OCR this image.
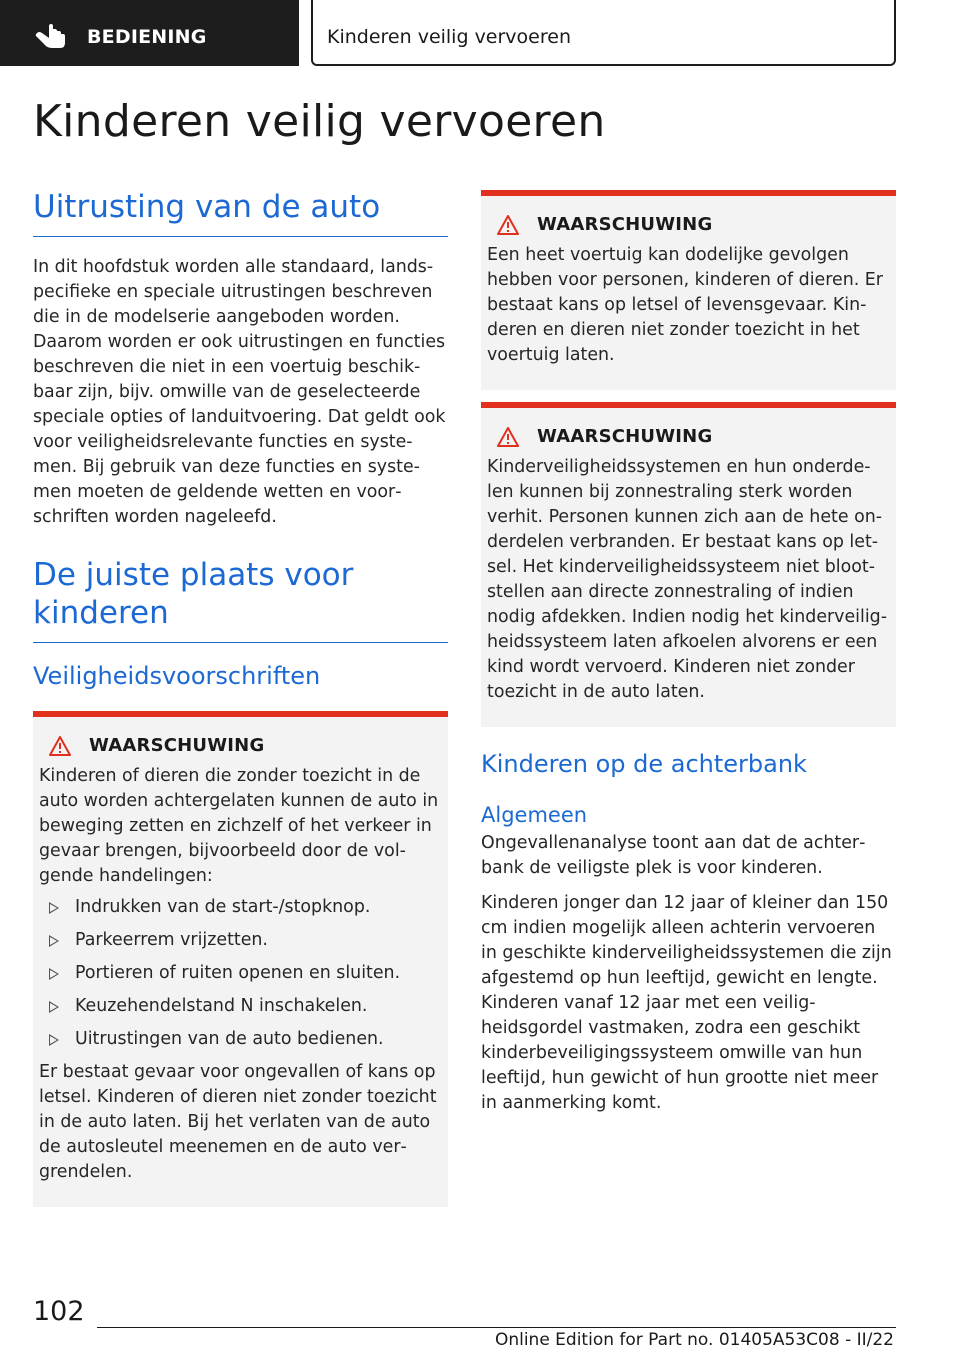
BEDIENING	Kinderen veilig vervoeren
Kinderen veilig vervoeren
Uitrusting van de auto

In dit hoofdstuk worden alle standaard, landspecifieke en speciale uitrustingen beschreven die in de modelserie aangeboden worden. Daarom worden er ook uitrustingen en functies beschreven die niet in een voertuig beschikbaar zijn, bijv. omwille van de geselecteerde speciale opties of landuitvoering. Dat geldt ook voor veiligheidsrelevante functies en systemen. Bij gebruik van deze functies en systemen moeten de geldende wetten en voorschriften worden nageleefd.

De juiste plaats voor kinderen
Veiligheidsvoorschriften
WAARSCHUWING

Kinderen of dieren die zonder toezicht in de auto worden achtergelaten kunnen de auto in beweging zetten en zichzelf of het verkeer in gevaar brengen, bijvoorbeeld door de volgende handelingen:

Indrukken van de start-/stopknop.
Parkeerrem vrijzetten.
Portieren of ruiten openen en sluiten.
Keuzehendelstand N inschakelen.
Uitrustingen van de auto bedienen.

Er bestaat gevaar voor ongevallen of kans op letsel. Kinderen of dieren niet zonder toezicht in de auto laten. Bij het verlaten van de auto de autosleutel meenemen en de auto vergrendelen.

WAARSCHUWING

Een heet voertuig kan dodelijke gevolgen hebben voor personen, kinderen of dieren. Er bestaat kans op letsel of levensgevaar. Kinderen en dieren niet zonder toezicht in het voertuig laten.

WAARSCHUWING

Kinderveiligheidssystemen en hun onderdelen kunnen bij zonnestraling sterk worden verhit. Personen kunnen zich aan de hete onderdelen verbranden. Er bestaat kans op letsel. Het kinderveiligheidssysteem niet blootstellen aan directe zonnestraling of indien nodig afdekken. Indien nodig het kinderveiligheidssysteem laten afkoelen alvorens er een kind wordt vervoerd. Kinderen niet zonder toezicht in de auto laten.

Kinderen op de achterbank
Algemeen

Ongevallenanalyse toont aan dat de achterbank de veiligste plek is voor kinderen.

Kinderen jonger dan 12 jaar of kleiner dan 150 cm indien mogelijk alleen achterin vervoeren in geschikte kinderveiligheidssystemen die zijn afgestemd op hun leeftijd, gewicht en lengte. Kinderen vanaf 12 jaar met een veiligheidsgordel vastmaken, zodra een geschikt kinderbeveiligingssysteem omwille van hun leeftijd, hun gewicht of hun grootte niet meer in aanmerking komt.

102
Online Edition for Part no. 01405A53C08 - II/22
